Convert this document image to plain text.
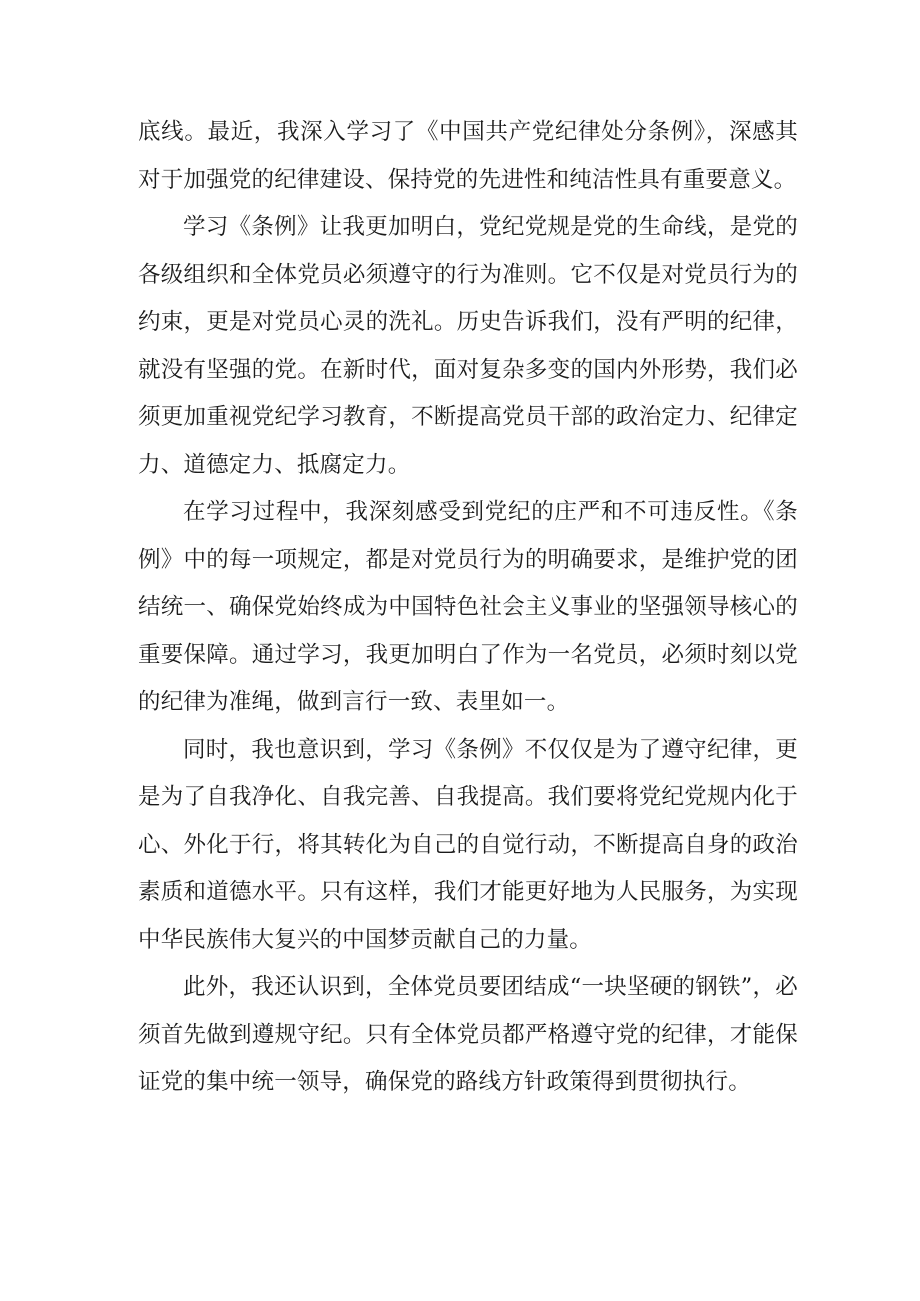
底线。最近，我深入学习了《中国共产党纪律处分条例》，深感其对于加强党的纪律建设、保持党的先进性和纯洁性具有重要意义。

学习《条例》让我更加明白，党纪党规是党的生命线，是党的各级组织和全体党员必须遵守的行为准则。它不仅是对党员行为的约束，更是对党员心灵的洗礼。历史告诉我们，没有严明的纪律，就没有坚强的党。在新时代，面对复杂多变的国内外形势，我们必须更加重视党纪学习教育，不断提高党员干部的政治定力、纪律定力、道德定力、抵腐定力。

在学习过程中，我深刻感受到党纪的庄严和不可违反性。《条例》中的每一项规定，都是对党员行为的明确要求，是维护党的团结统一、确保党始终成为中国特色社会主义事业的坚强领导核心的重要保障。通过学习，我更加明白了作为一名党员，必须时刻以党的纪律为准绳，做到言行一致、表里如一。

同时，我也意识到，学习《条例》不仅仅是为了遵守纪律，更是为了自我净化、自我完善、自我提高。我们要将党纪党规内化于心、外化于行，将其转化为自己的自觉行动，不断提高自身的政治素质和道德水平。只有这样，我们才能更好地为人民服务，为实现中华民族伟大复兴的中国梦贡献自己的力量。

此外，我还认识到，全体党员要团结成“一块坚硬的钢铁”，必须首先做到遵规守纪。只有全体党员都严格遵守党的纪律，才能保证党的集中统一领导，确保党的路线方针政策得到贯彻执行。
